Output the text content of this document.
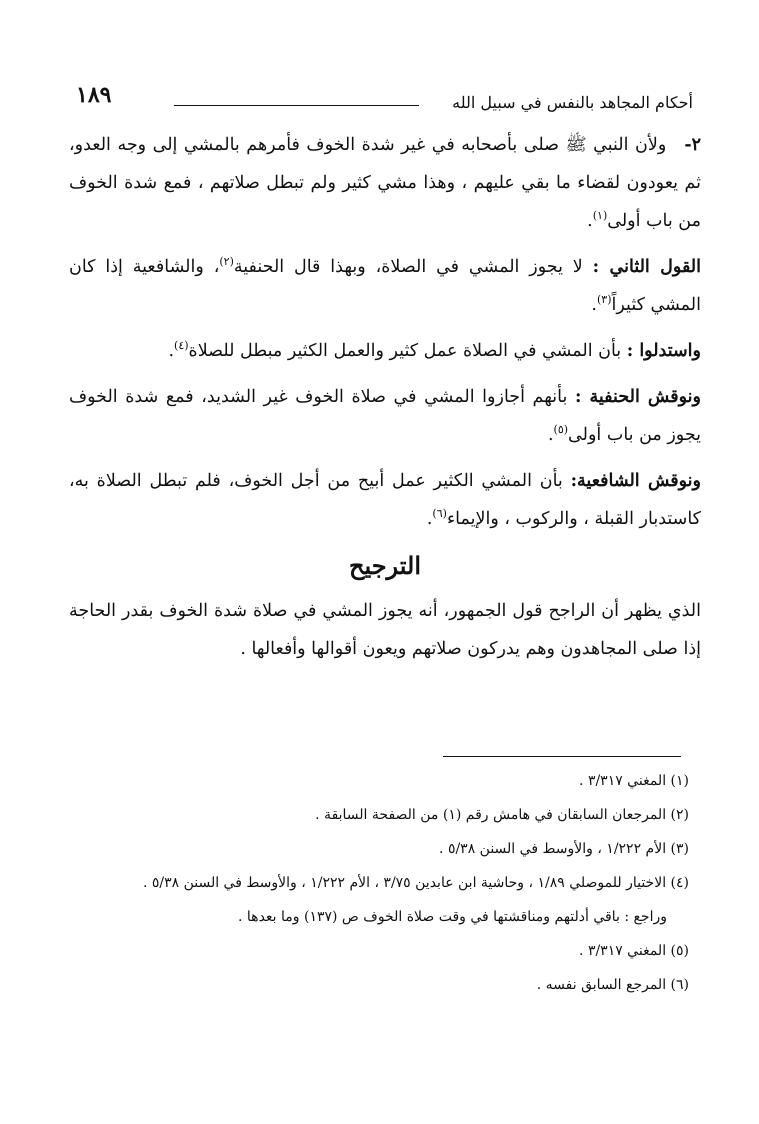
١٨٩	أحكام المجاهد بالنفس في سبيل الله

٢-ولأن النبي ﷺ صلى بأصحابه في غير شدة الخوف فأمرهم بالمشي إلى وجه العدو، ثم يعودون لقضاء ما بقي عليهم ، وهذا مشي كثير ولم تبطل صلاتهم ، فمع شدة الخوف من باب أولى$^{(١)}$.

القول الثاني : لا يجوز المشي في الصلاة، وبهذا قال الحنفية$^{(٢)}$، والشافعية إذا كان المشي كثيراً$^{(٣)}$.

واستدلوا : بأن المشي في الصلاة عمل كثير والعمل الكثير مبطل للصلاة$^{(٤)}$.

ونوقش الحنفية : بأنهم أجازوا المشي في صلاة الخوف غير الشديد، فمع شدة الخوف يجوز من باب أولى$^{(٥)}$.

ونوقش الشافعية: بأن المشي الكثير عمل أبيح من أجل الخوف، فلم تبطل الصلاة به، كاستدبار القبلة ، والركوب ، والإيماء$^{(٦)}$.

الترجيح

الذي يظهر أن الراجح قول الجمهور، أنه يجوز المشي في صلاة شدة الخوف بقدر الحاجة إذا صلى المجاهدون وهم يدركون صلاتهم ويعون أقوالها وأفعالها .

(١) المغني ٣/٣١٧ .

(٢) المرجعان السابقان في هامش رقم (١) من الصفحة السابقة .

(٣) الأم ١/٢٢٢ ، والأوسط في السنن ٥/٣٨ .

(٤) الاختيار للموصلي ١/٨٩ ، وحاشية ابن عابدين ٣/٧٥ ، الأم ١/٢٢٢ ، والأوسط في السنن ٥/٣٨ .

وراجع : باقي أدلتهم ومناقشتها في وقت صلاة الخوف ص (١٣٧) وما بعدها .

(٥) المغني ٣/٣١٧ .

(٦) المرجع السابق نفسه .
